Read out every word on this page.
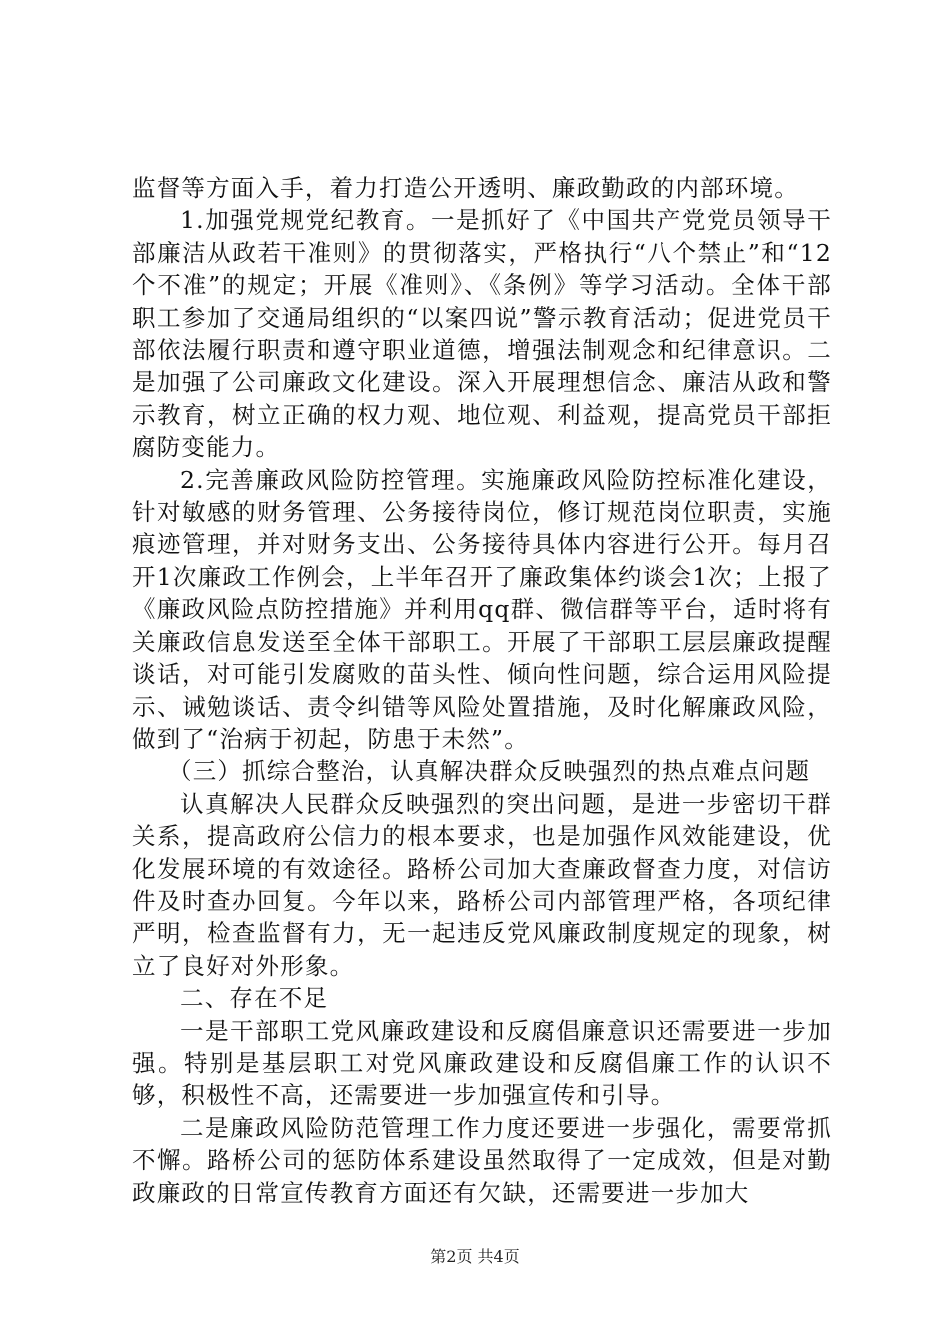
监督等方面入手，着力打造公开透明、廉政勤政的内部环境。

1.加强党规党纪教育。一是抓好了《中国共产党党员领导干部廉洁从政若干准则》的贯彻落实，严格执行“八个禁止”和“12个不准”的规定；开展《准则》、《条例》等学习活动。全体干部职工参加了交通局组织的“以案四说”警示教育活动；促进党员干部依法履行职责和遵守职业道德，增强法制观念和纪律意识。二是加强了公司廉政文化建设。深入开展理想信念、廉洁从政和警示教育，树立正确的权力观、地位观、利益观，提高党员干部拒腐防变能力。

2.完善廉政风险防控管理。实施廉政风险防控标准化建设，针对敏感的财务管理、公务接待岗位，修订规范岗位职责，实施痕迹管理，并对财务支出、公务接待具体内容进行公开。每月召开1次廉政工作例会，上半年召开了廉政集体约谈会1次；上报了《廉政风险点防控措施》并利用qq群、微信群等平台，适时将有关廉政信息发送至全体干部职工。开展了干部职工层层廉政提醒谈话，对可能引发腐败的苗头性、倾向性问题，综合运用风险提示、诫勉谈话、责令纠错等风险处置措施，及时化解廉政风险，做到了“治病于初起，防患于未然”。

（三）抓综合整治，认真解决群众反映强烈的热点难点问题

认真解决人民群众反映强烈的突出问题，是进一步密切干群关系，提高政府公信力的根本要求，也是加强作风效能建设，优化发展环境的有效途径。路桥公司加大查廉政督查力度，对信访件及时查办回复。今年以来，路桥公司内部管理严格，各项纪律严明，检查监督有力，无一起违反党风廉政制度规定的现象，树立了良好对外形象。

二、存在不足

一是干部职工党风廉政建设和反腐倡廉意识还需要进一步加强。特别是基层职工对党风廉政建设和反腐倡廉工作的认识不够，积极性不高，还需要进一步加强宣传和引导。

二是廉政风险防范管理工作力度还要进一步强化，需要常抓不懈。路桥公司的惩防体系建设虽然取得了一定成效，但是对勤政廉政的日常宣传教育方面还有欠缺，还需要进一步加大

第2页 共4页
